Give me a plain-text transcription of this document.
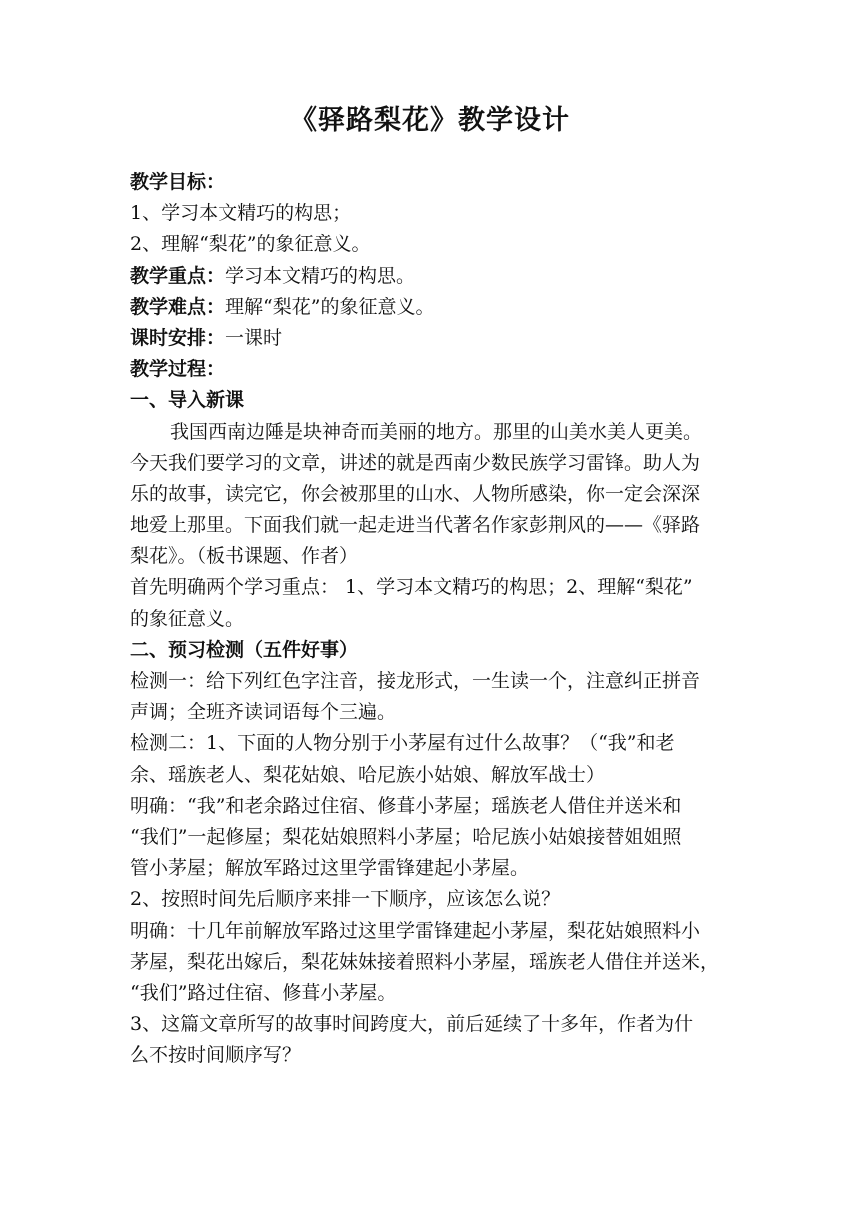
《驿路梨花》教学设计
教学目标：
1、学习本文精巧的构思；
2、理解“梨花”的象征意义。
教学重点：学习本文精巧的构思。
教学难点：理解“梨花”的象征意义。
课时安排：一课时
教学过程：
一、导入新课
我国西南边陲是块神奇而美丽的地方。那里的山美水美人更美。
今天我们要学习的文章，讲述的就是西南少数民族学习雷锋。助人为
乐的故事，读完它，你会被那里的山水、人物所感染，你一定会深深
地爱上那里。下面我们就一起走进当代著名作家彭荆风的——《驿路
梨花》。（板书课题、作者）
首先明确两个学习重点： 1、学习本文精巧的构思；2、理解“梨花”
的象征意义。
二、预习检测（五件好事）
检测一：给下列红色字注音，接龙形式，一生读一个，注意纠正拼音
声调；全班齐读词语每个三遍。
检测二：1、下面的人物分别于小茅屋有过什么故事？（“我”和老
余、瑶族老人、梨花姑娘、哈尼族小姑娘、解放军战士）
明确：“我”和老余路过住宿、修葺小茅屋；瑶族老人借住并送米和
“我们”一起修屋；梨花姑娘照料小茅屋；哈尼族小姑娘接替姐姐照
管小茅屋；解放军路过这里学雷锋建起小茅屋。
2、按照时间先后顺序来排一下顺序，应该怎么说？
明确：十几年前解放军路过这里学雷锋建起小茅屋，梨花姑娘照料小
茅屋，梨花出嫁后，梨花妹妹接着照料小茅屋，瑶族老人借住并送米，
“我们”路过住宿、修葺小茅屋。
3、这篇文章所写的故事时间跨度大，前后延续了十多年，作者为什
么不按时间顺序写？
